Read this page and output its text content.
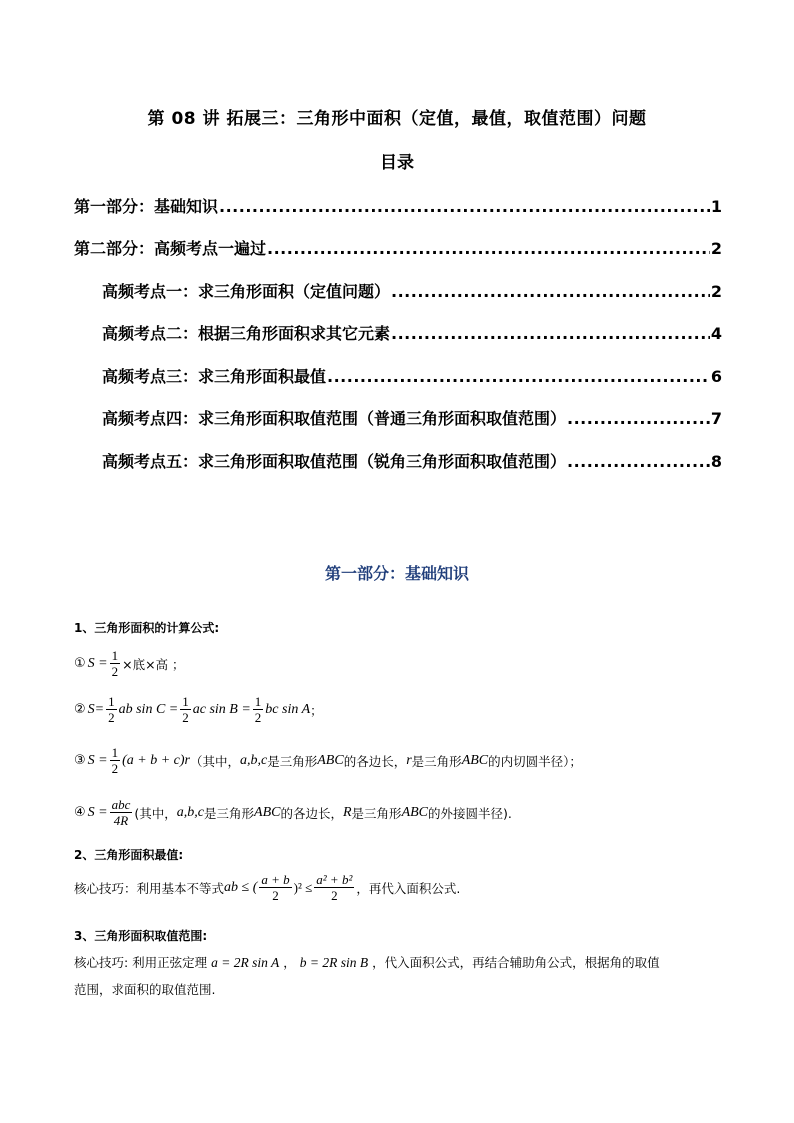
第 08 讲 拓展三：三角形中面积（定值，最值，取值范围）问题
目录
第一部分：基础知识 .....	1
第二部分：高频考点一遍过 .....	2
高频考点一：求三角形面积（定值问题） .....	2
高频考点二：根据三角形面积求其它元素 .....	4
高频考点三：求三角形面积最值 .....	6
高频考点四：求三角形面积取值范围（普通三角形面积取值范围） .....	7
高频考点五：求三角形面积取值范围（锐角三角形面积取值范围） .....	8
第一部分：基础知识
1、三角形面积的计算公式:
① $S = \frac{1}{2}$ ×底×高 ；
② $S= \frac{1}{2}$ ab $\sin C = \frac{1}{2}$ ac $\sin B = \frac{1}{2}$ bc sin A ；
③ $S = \frac{1}{2} (a + b + c)r$ （其中， a,b,c 是三角形 ABC 的各边长， r 是三角形 ABC 的内切圆半径）；
④ $S = \frac{\text{abc}}{4R}$ (其中， a,b,c 是三角形 ABC 的各边长， R 是三角形 ABC 的外接圆半径).
2、三角形面积最值:
核心技巧：利用基本不等式 ab ≤ ( $\frac{a + b}{2} )^2 \le \frac{\text{a² + b²}}{2}$ ，再代入面积公式.
3、三角形面积取值范围:
核心技巧: 利用正弦定理 a = 2R sin A ， b = 2R sin B ，代入面积公式，再结合辅助角公式，根据角的取值
范围，求面积的取值范围.
